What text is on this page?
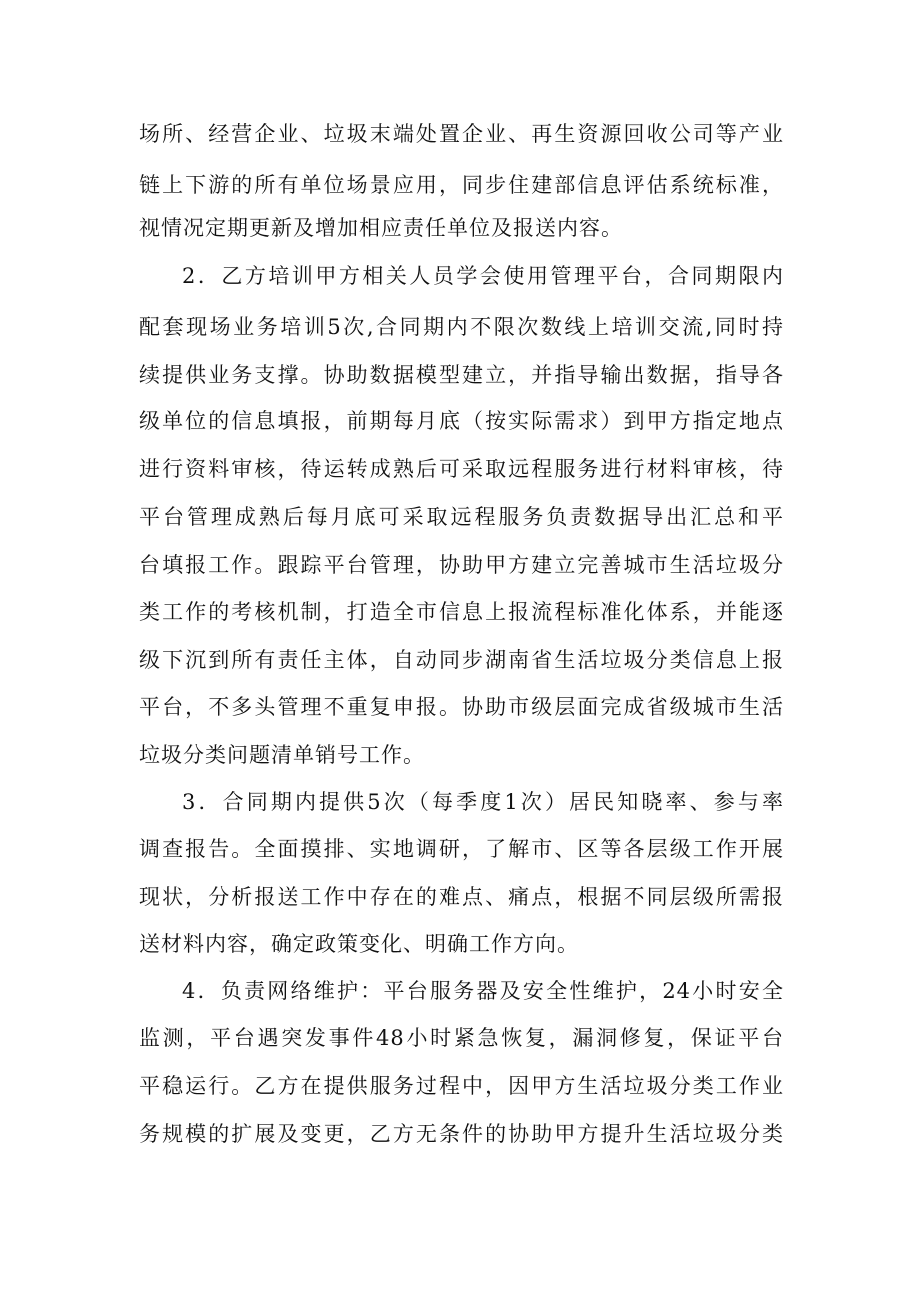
场所、经营企业、垃圾末端处置企业、再生资源回收公司等产业
链上下游的所有单位场景应用，同步住建部信息评估系统标准，
视情况定期更新及增加相应责任单位及报送内容。
2．乙方培训甲方相关人员学会使用管理平台，合同期限内
配套现场业务培训5次,合同期内不限次数线上培训交流,同时持
续提供业务支撑。协助数据模型建立，并指导输出数据，指导各
级单位的信息填报，前期每月底（按实际需求）到甲方指定地点
进行资料审核，待运转成熟后可采取远程服务进行材料审核，待
平台管理成熟后每月底可采取远程服务负责数据导出汇总和平
台填报工作。跟踪平台管理，协助甲方建立完善城市生活垃圾分
类工作的考核机制，打造全市信息上报流程标准化体系，并能逐
级下沉到所有责任主体，自动同步湖南省生活垃圾分类信息上报
平台，不多头管理不重复申报。协助市级层面完成省级城市生活
垃圾分类问题清单销号工作。
3．合同期内提供5次（每季度1次）居民知晓率、参与率
调查报告。全面摸排、实地调研，了解市、区等各层级工作开展
现状，分析报送工作中存在的难点、痛点，根据不同层级所需报
送材料内容，确定政策变化、明确工作方向。
4．负责网络维护：平台服务器及安全性维护，24小时安全
监测，平台遇突发事件48小时紧急恢复，漏洞修复，保证平台
平稳运行。乙方在提供服务过程中，因甲方生活垃圾分类工作业
务规模的扩展及变更，乙方无条件的协助甲方提升生活垃圾分类
